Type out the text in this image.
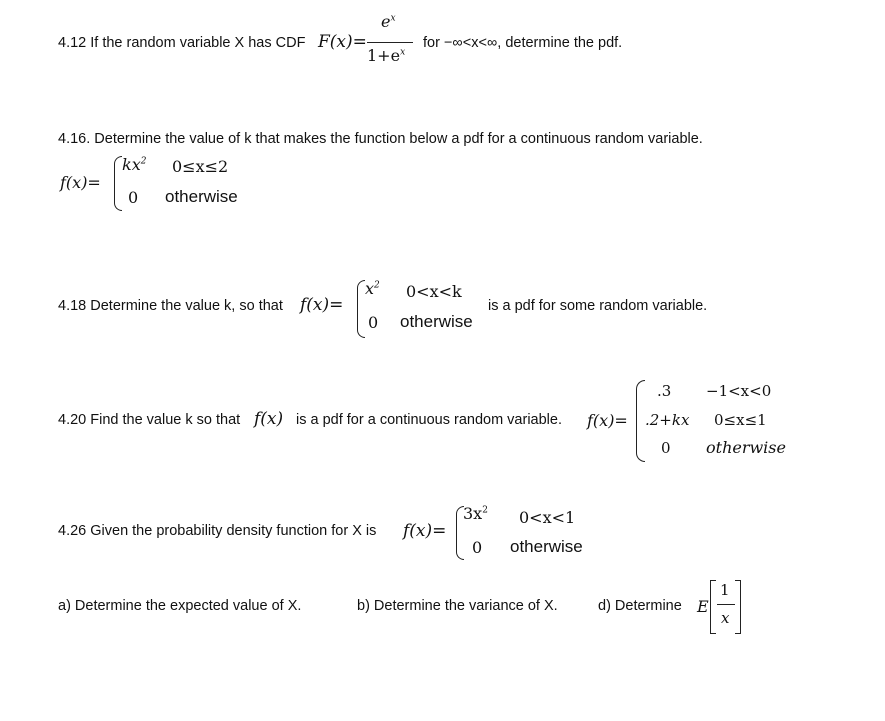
4.12 If the random variable X has CDF F(x)=
$e^x$
$1+e^x$
for −∞<x<∞, determine the pdf.
4.16. Determine the value of k that makes the function below a pdf for a continuous random variable.
f(x)=
$kx^2$ 0≤x≤2
0 otherwise
4.18 Determine the value k, so that f(x)=
$x^2$ 0<x<k
0 otherwise
is a pdf for some random variable.
4.20 Find the value k so that f(x) is a pdf for a continuous random variable. f(x)=
.3 −1<x<0
.2+kx 0≤x≤1
0 otherwise
4.26 Given the probability density function for X is f(x)=
$3x^2$ 0<x<1
0 otherwise
a) Determine the expected value of X.	b) Determine the variance of X.	d) Determine E
1
x
